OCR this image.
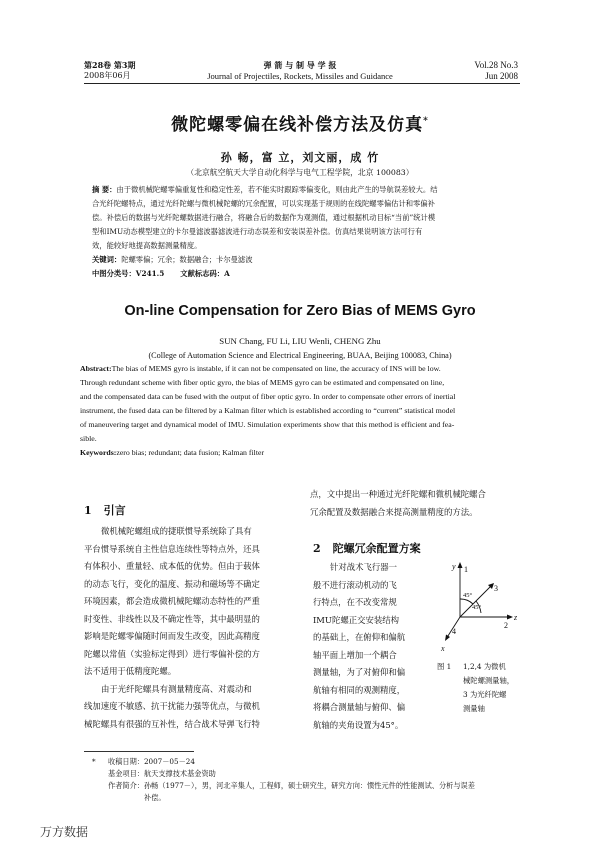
第28卷 第3期
2008年06月
弹 箭 与 制 导 学 报
Journal of Projectiles, Rockets, Missiles and Guidance
Vol.28 No.3
Jun 2008
微陀螺零偏在线补偿方法及仿真*
孙 畅，富 立，刘文丽，成 竹
（北京航空航天大学自动化科学与电气工程学院，北京 100083）
摘 要：由于微机械陀螺零偏重复性和稳定性差，若不能实时跟踪零偏变化，则由此产生的导航误差较大。结
合光纤陀螺特点，通过光纤陀螺与微机械陀螺的冗余配置，可以实现基于规则的在线陀螺零偏估计和零偏补
偿。补偿后的数据与光纤陀螺数据进行融合，将融合后的数据作为观测值，通过根据机动目标“当前”统计模
型和IMU动态模型建立的卡尔曼滤波器滤波进行动态误差和安装误差补偿。仿真结果说明该方法可行有
效，能较好地提高数据测量精度。
关键词：陀螺零偏；冗余；数据融合；卡尔曼滤波
中图分类号：V241.5 文献标志码：A
On-line Compensation for Zero Bias of MEMS Gyro
SUN Chang, FU Li, LIU Wenli, CHENG Zhu
(College of Automation Science and Electrical Engineering, BUAA, Beijing 100083, China)
Abstract:The bias of MEMS gyro is instable, if it can not be compensated on line, the accuracy of INS will be low.
Through redundant scheme with fiber optic gyro, the bias of MEMS gyro can be estimated and compensated on line,
and the compensated data can be fused with the output of fiber optic gyro. In order to compensate other errors of inertial
instrument, the fused data can be filtered by a Kalman filter which is established according to “current” statistical model
of maneuvering target and dynamical model of IMU. Simulation experiments show that this method is efficient and fea-
sible.
Keywords:zero bias; redundant; data fusion; Kalman filter
1 引言
微机械陀螺组成的捷联惯导系统除了具有
平台惯导系统自主性信息连续性等特点外，还具
有体积小、重量轻、成本低的优势。但由于载体
的动态飞行，变化的温度、振动和磁场等不确定
环境因素，都会造成微机械陀螺动态特性的严重
时变性、非线性以及不确定性等，其中最明显的
影响是陀螺零偏随时间而发生改变，因此高精度
陀螺以常值（实验标定得到）进行零偏补偿的方
法不适用于低精度陀螺。
由于光纤陀螺具有测量精度高、对震动和
线加速度不敏感、抗干扰能力强等优点，与微机
械陀螺具有很强的互补性，结合战术导弹飞行特
点，文中提出一种通过光纤陀螺和微机械陀螺合
冗余配置及数据融合来提高测量精度的方法。
2 陀螺冗余配置方案
针对战术飞行器一
般不进行滚动机动的飞
行特点，在不改变常规
IMU陀螺正交安装结构
的基础上，在俯仰和偏航
轴平面上增加一个耦合
测量轴，为了对俯仰和偏
航轴有相同的观测精度，
将耦合测量轴与俯仰、偏
航轴的夹角设置为45°。
y
z
x
1
2
3
4
45°
45°
图 1 1,2,4 为微机
械陀螺测量轴，
3 为光纤陀螺
测量轴
* 收稿日期：2007－05－24
基金项目：航天支撑技术基金资助
作者简介：孙畅（1977－），男，河北辛集人，工程师，硕士研究生，研究方向：惯性元件的性能测试、分析与误差
补偿。
万方数据
